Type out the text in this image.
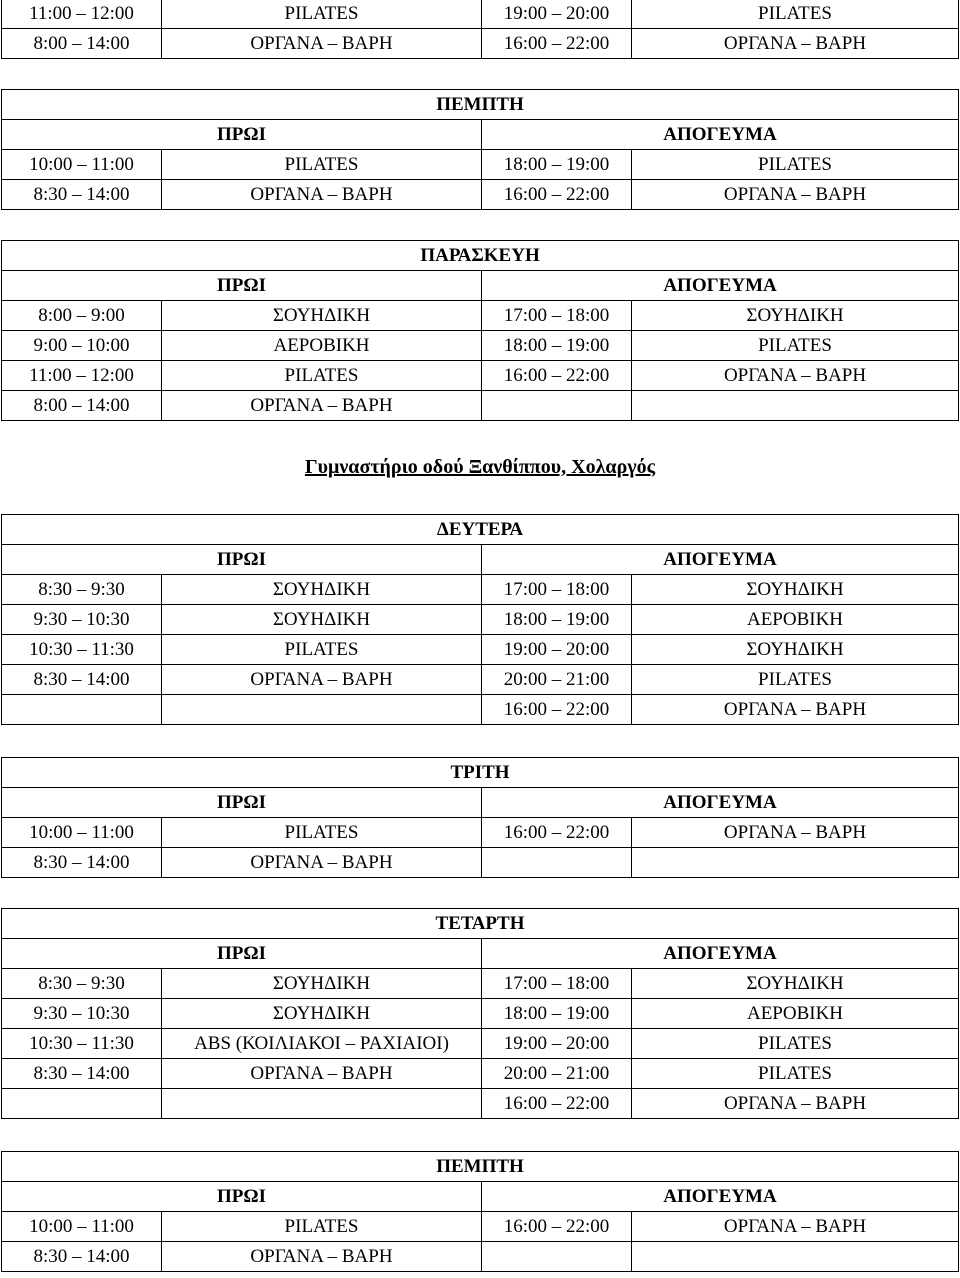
11:00 – 12:00	PILATES	19:00 – 20:00	PILATES
8:00 – 14:00	ΟΡΓΑΝΑ – ΒΑΡΗ	16:00 – 22:00	ΟΡΓΑΝΑ – ΒΑΡΗ
ΠΕΜΠΤΗ			
ΠΡΩΙ		ΑΠΟΓΕΥΜΑ	
10:00 – 11:00	PILATES	18:00 – 19:00	PILATES
8:30 – 14:00	ΟΡΓΑΝΑ – ΒΑΡΗ	16:00 – 22:00	ΟΡΓΑΝΑ – ΒΑΡΗ
ΠΑΡΑΣΚΕΥΗ			
ΠΡΩΙ		ΑΠΟΓΕΥΜΑ	
8:00 – 9:00	ΣΟΥΗΔΙΚΗ	17:00 – 18:00	ΣΟΥΗΔΙΚΗ
9:00 – 10:00	ΑΕΡΟΒΙΚΗ	18:00 – 19:00	PILATES
11:00 – 12:00	PILATES	16:00 – 22:00	ΟΡΓΑΝΑ – ΒΑΡΗ
8:00 – 14:00	ΟΡΓΑΝΑ – ΒΑΡΗ		
Γυμναστήριο οδού Ξανθίππου, Χολαργός
ΔΕΥΤΕΡΑ			
ΠΡΩΙ		ΑΠΟΓΕΥΜΑ	
8:30 – 9:30	ΣΟΥΗΔΙΚΗ	17:00 – 18:00	ΣΟΥΗΔΙΚΗ
9:30 – 10:30	ΣΟΥΗΔΙΚΗ	18:00 – 19:00	ΑΕΡΟΒΙΚΗ
10:30 – 11:30	PILATES	19:00 – 20:00	ΣΟΥΗΔΙΚΗ
8:30 – 14:00	ΟΡΓΑΝΑ – ΒΑΡΗ	20:00 – 21:00	PILATES
		16:00 – 22:00	ΟΡΓΑΝΑ – ΒΑΡΗ
ΤΡΙΤΗ			
ΠΡΩΙ		ΑΠΟΓΕΥΜΑ	
10:00 – 11:00	PILATES	16:00 – 22:00	ΟΡΓΑΝΑ – ΒΑΡΗ
8:30 – 14:00	ΟΡΓΑΝΑ – ΒΑΡΗ		
ΤΕΤΑΡΤΗ			
ΠΡΩΙ		ΑΠΟΓΕΥΜΑ	
8:30 – 9:30	ΣΟΥΗΔΙΚΗ	17:00 – 18:00	ΣΟΥΗΔΙΚΗ
9:30 – 10:30	ΣΟΥΗΔΙΚΗ	18:00 – 19:00	ΑΕΡΟΒΙΚΗ
10:30 – 11:30	ABS (ΚΟΙΛΙΑΚΟΙ – ΡΑΧΙΑΙΟΙ)	19:00 – 20:00	PILATES
8:30 – 14:00	ΟΡΓΑΝΑ – ΒΑΡΗ	20:00 – 21:00	PILATES
		16:00 – 22:00	ΟΡΓΑΝΑ – ΒΑΡΗ
ΠΕΜΠΤΗ			
ΠΡΩΙ		ΑΠΟΓΕΥΜΑ	
10:00 – 11:00	PILATES	16:00 – 22:00	ΟΡΓΑΝΑ – ΒΑΡΗ
8:30 – 14:00	ΟΡΓΑΝΑ – ΒΑΡΗ		
